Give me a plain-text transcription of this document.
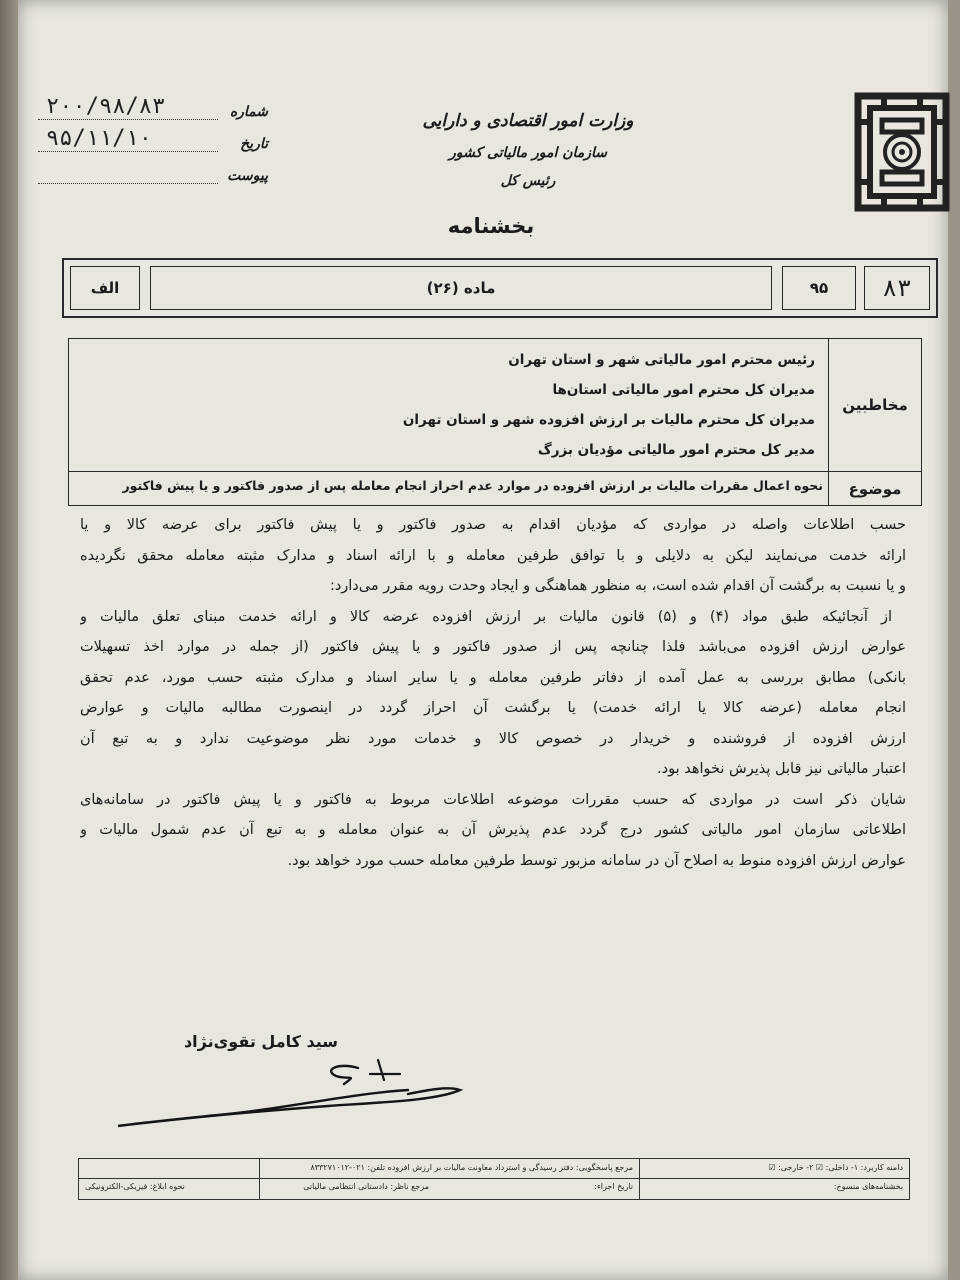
وزارت امور اقتصادی و دارایی
سازمان امور مالیاتی کشور
رئیس کل
بخشنامه
شماره
۲۰۰/۹۸/۸۳
تاریخ
۹۵/۱۱/۱۰
پیوست
۸۳
۹۵
ماده (۲۶)
الف
مخاطبین
رئیس محترم امور مالیاتی شهر و استان تهران
مدیران کل محترم امور مالیاتی استان‌ها
مدیران کل محترم مالیات بر ارزش افزوده شهر و استان تهران
مدیر کل محترم امور مالیاتی مؤدیان بزرگ
موضوع
نحوه اعمال مقررات مالیات بر ارزش افزوده در موارد عدم احراز انجام معامله پس از صدور فاکتور و یا پیش فاکتور
حسب اطلاعات واصله در مواردی که مؤدیان اقدام به صدور فاکتور و یا پیش فاکتور برای عرضه کالا و یا
ارائه خدمت می‌نمایند لیکن به دلایلی و با توافق طرفین معامله و با ارائه اسناد و مدارک مثبته معامله محقق نگردیده
و یا نسبت به برگشت آن اقدام شده است، به منظور هماهنگی و ایجاد وحدت رویه مقرر می‌دارد:
از آنجائیکه طبق مواد (۴) و (۵) قانون مالیات بر ارزش افزوده عرضه کالا و ارائه خدمت مبنای تعلق مالیات و
عوارض ارزش افزوده می‌باشد فلذا چنانچه پس از صدور فاکتور و یا پیش فاکتور (از جمله در موارد اخذ تسهیلات
بانکی) مطابق بررسی به عمل آمده از دفاتر طرفین معامله و یا سایر اسناد و مدارک مثبته حسب مورد، عدم تحقق
انجام معامله (عرضه کالا یا ارائه خدمت) یا برگشت آن احراز گردد در اینصورت مطالبه مالیات و عوارض
ارزش افزوده از فروشنده و خریدار در خصوص کالا و خدمات مورد نظر موضوعیت ندارد و به تبع آن
اعتبار مالیاتی نیز قابل پذیرش نخواهد بود.
شایان ذکر است در مواردی که حسب مقررات موضوعه اطلاعات مربوط به فاکتور و یا پیش فاکتور در سامانه‌های
اطلاعاتی سازمان امور مالیاتی کشور درج گردد عدم پذیرش آن به عنوان معامله و به تبع آن عدم شمول مالیات و
عوارض ارزش افزوده منوط به اصلاح آن در سامانه مزبور توسط طرفین معامله حسب مورد خواهد بود.
سید کامل تقوی‌نژاد
دامنه کاربرد: ۱- داخلی: ☑ ۲- خارجی: ☑
بخشنامه‌های منسوخ:
مرجع پاسخگویی: دفتر رسیدگی و استرداد معاونت مالیات بر ارزش افزوده تلفن: ۰۲۱-۸۳۳۲۷۱۰۱۲
تاریخ اجراء:
مرجع ناظر: دادستانی انتظامی مالیاتی
نحوه ابلاغ: فیزیکی-الکترونیکی
